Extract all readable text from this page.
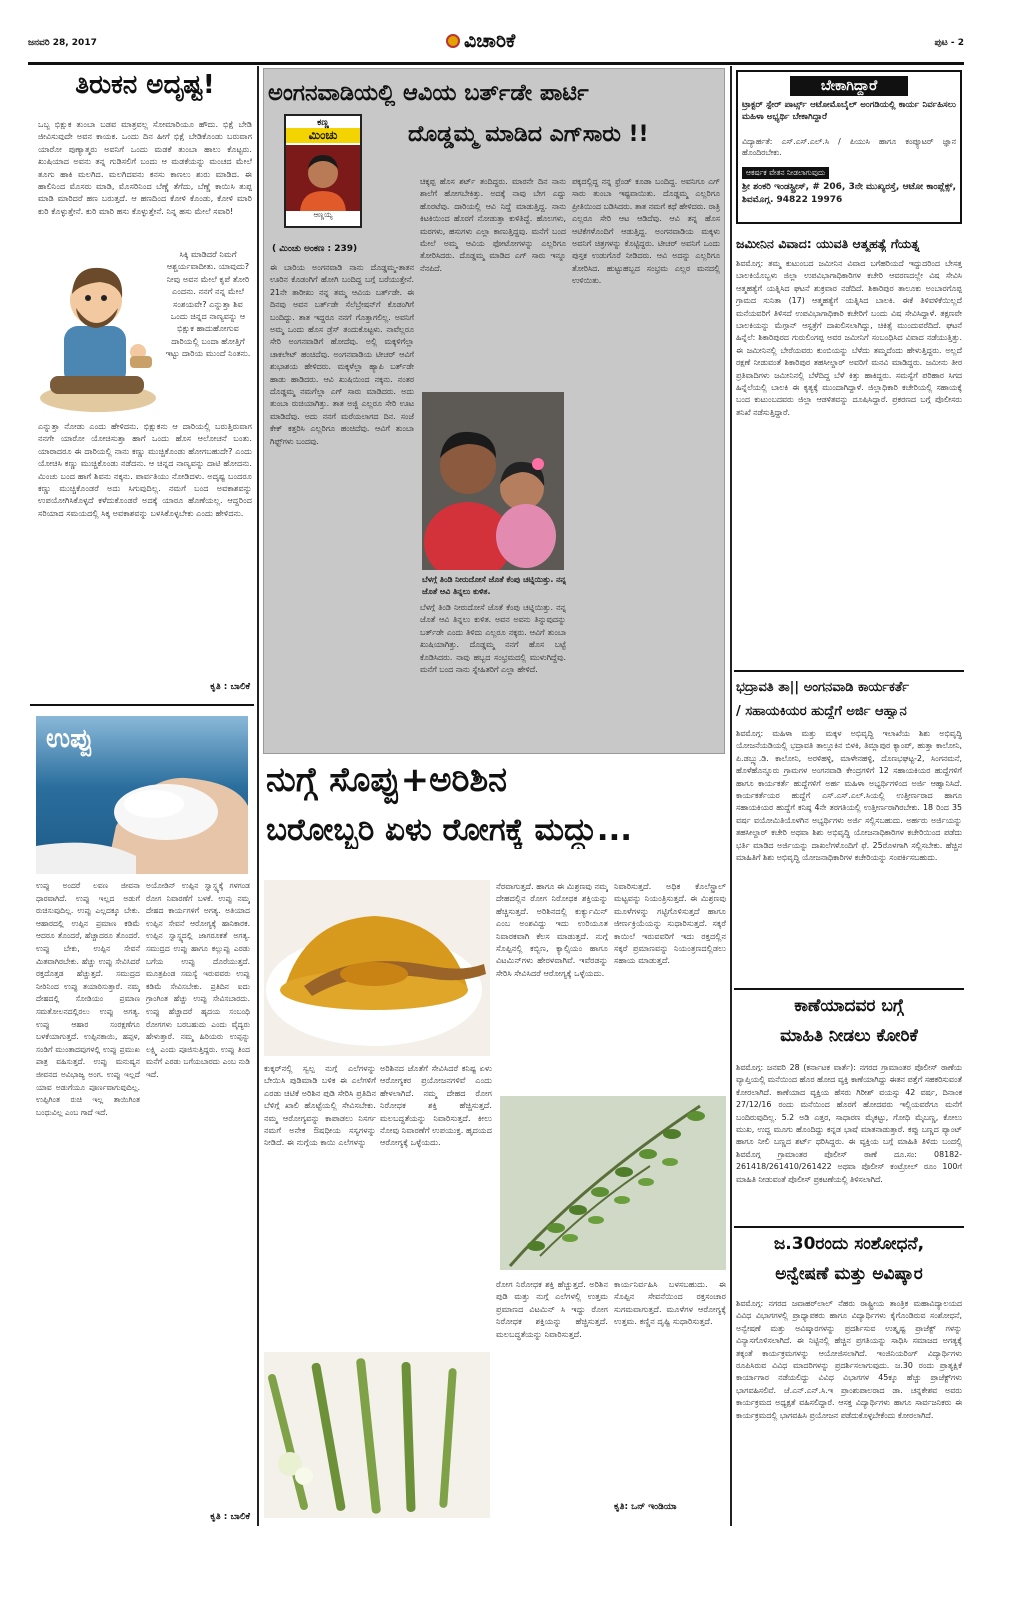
ಜನವರಿ 28, 2017	ವಿಚಾರಿಕೆ	ಪುಟ - 2
ತಿರುಕನ ಅದೃಷ್ಟ!
ಒಬ್ಬ ಭಿಕ್ಷುಕ ತುಂಬಾ ಬಡವ ಮಾತ್ರವಲ್ಲ ಸೋಮಾರಿಯೂ ಹೌದು. ಭಿಕ್ಷೆ ಬೇಡಿ ಜೀವಿಸುವುದೇ ಅವನ ಕಾಯಕ. ಒಂದು ದಿನ ಹೀಗೆ ಭಿಕ್ಷೆ ಬೇಡಿಕೊಂಡು ಬರುವಾಗ ಯಾರೋ ಪುಣ್ಯಾತ್ಮರು ಅವನಿಗೆ ಒಂದು ಮಡಕೆ ತುಂಬಾ ಹಾಲು ಕೊಟ್ಟರು. ಖುಷಿಯಾದ ಅವನು ತನ್ನ ಗುಡಿಸಲಿಗೆ ಬಂದು ಆ ಮಡಕೆಯನ್ನು ಮಂಚದ ಮೇಲೆ ತೂಗು ಹಾಕಿ ಮಲಗಿದ. ಮಲಗಿದವನು ಕನಸು ಕಾಣಲು ಶುರು ಮಾಡಿದ. ಈ ಹಾಲಿನಿಂದ ಮೊಸರು ಮಾಡಿ, ಮೊಸರಿನಿಂದ ಬೆಣ್ಣೆ ತೆಗೆದು, ಬೆಣ್ಣೆ ಕಾಯಿಸಿ ತುಪ್ಪ ಮಾಡಿ ಮಾರಿದರೆ ಹಣ ಬರುತ್ತದೆ. ಆ ಹಣದಿಂದ ಕೋಳಿ ಕೊಂಡು, ಕೋಳಿ ಮಾರಿ ಕುರಿ ಕೊಳ್ಳುತ್ತೇನೆ. ಕುರಿ ಮಾರಿ ಹಸು ಕೊಳ್ಳುತ್ತೇನೆ. ನಿನ್ನ ಹಸು ಮೇಲೆ ಸವಾರಿ!
ಸಿಕ್ಕಿ ಮಾಡಿದರೆ ನಿಮಗೆ ಆಶ್ಚರ್ಯವಾದೀತು. ಯಾವುದು? ನೀವು ಅವನ ಮೇಲೆ ಕೃಪೆ ತೋರಿ ಎಂದನು. ನನಗೆ ನನ್ನ ಮೇಲೆ ಸಂಶಯವೇ? ಎನ್ನುತ್ತಾ ಶಿವ ಒಂದು ಚಿನ್ನದ ನಾಣ್ಯವನ್ನು ಆ ಭಿಕ್ಷುಕ ಹಾದುಹೋಗುವ ದಾರಿಯಲ್ಲಿ ಬಂದಾ ಹೋತ್ತಿಗೆ ಇಟ್ಟು ದಾರಿಯ ಮುಂದೆ ನಿಂತನು.
ಎನ್ನುತ್ತಾ ನೋಡು ಎಂದು ಹೇಳಿದನು. ಭಿಕ್ಷುಕನು ಆ ದಾರಿಯಲ್ಲಿ ಬರುತ್ತಿರುವಾಗ ನನಗೇ ಯಾರೋ ಯೋಚಿಸುತ್ತಾ ಹಾಗೆ ಒಂದು ಹೊಸ ಆಲೋಚನೆ ಬಂತು. ಯಾರಾದರೂ ಈ ದಾರಿಯಲ್ಲಿ ನಾನು ಕಣ್ಣು ಮುಚ್ಚಿಕೊಂಡು ಹೋಗಬಹುದೇ? ಎಂದು ಯೋಚಿಸಿ ಕಣ್ಣು ಮುಚ್ಚಿಕೊಂಡು ನಡೆದನು. ಆ ಚಿನ್ನದ ನಾಣ್ಯವನ್ನು ದಾಟಿ ಹೋದನು. ಮಿಂಚು ಬಂದ ಹಾಗೆ ಶಿವನು ನಕ್ಕನು. ಪಾರ್ವತಿಯು ನೋಡಿದಳು. ಅದೃಷ್ಟ ಬಂದರೂ ಕಣ್ಣು ಮುಚ್ಚಿಕೊಂಡರೆ ಅದು ಸಿಗುವುದಿಲ್ಲ. ನಮಗೆ ಬಂದ ಅವಕಾಶವನ್ನು ಉಪಯೋಗಿಸಿಕೊಳ್ಳದೆ ಕಳೆದುಕೊಂಡರೆ ಅದಕ್ಕೆ ಯಾರೂ ಹೊಣೆಯಲ್ಲ. ಆದ್ದರಿಂದ ಸರಿಯಾದ ಸಮಯದಲ್ಲಿ ಸಿಕ್ಕ ಅವಕಾಶವನ್ನು ಬಳಸಿಕೊಳ್ಳಬೇಕು ಎಂದು ಹೇಳಿದನು.
ಕೃತಿ : ಬಾಲಿಕೆ
ಉಪ್ಪು
ಉಪ್ಪು ಅಂದರೆ ಲವಣ ಜೀವನಾ ಧಾರವಾಗಿದೆ. ಉಪ್ಪು ಇಲ್ಲದ ಅಡುಗೆ ರುಚಿಸುವುದಿಲ್ಲ. ಉಪ್ಪು ಎಲ್ಲದಕ್ಕೂ ಬೇಕು. ಆಹಾರದಲ್ಲಿ ಉಪ್ಪಿನ ಪ್ರಮಾಣ ಕಡಿಮೆ ಆದರೂ ತೊಂದರೆ, ಹೆಚ್ಚಾದರೂ ತೊಂದರೆ. ಉಪ್ಪು ಬೇಕು, ಉಪ್ಪಿನ ಸೇವನೆ ಮಿತವಾಗಿರಬೇಕು. ಹೆಚ್ಚು ಉಪ್ಪು ಸೇವಿಸಿದರೆ ರಕ್ತದೊತ್ತಡ ಹೆಚ್ಚುತ್ತದೆ. ಸಮುದ್ರದ ನೀರಿನಿಂದ ಉಪ್ಪು ತಯಾರಿಸುತ್ತಾರೆ. ನಮ್ಮ ದೇಹದಲ್ಲಿ ಸೋಡಿಯಂ ಪ್ರಮಾಣ ಸಮತೋಲನದಲ್ಲಿರಲು ಉಪ್ಪು ಅಗತ್ಯ. ಉಪ್ಪು ಆಹಾರ ಸಂರಕ್ಷಣೆಗೂ ಬಳಕೆಯಾಗುತ್ತದೆ. ಉಪ್ಪಿನಕಾಯಿ, ಹಪ್ಪಳ, ಸಂಡಿಗೆ ಮುಂತಾದವುಗಳಲ್ಲಿ ಉಪ್ಪು ಪ್ರಮುಖ ಪಾತ್ರ ವಹಿಸುತ್ತದೆ. ಉಪ್ಪು ಮನುಷ್ಯನ ಜೀವನದ ಅವಿಭಾಜ್ಯ ಅಂಗ. ಉಪ್ಪು ಇಲ್ಲದೆ ಯಾವ ಅಡುಗೆಯೂ ಪೂರ್ಣವಾಗುವುದಿಲ್ಲ. ಉಪ್ಪಿಗಿಂತ ರುಚಿ ಇಲ್ಲ ತಾಯಿಗಿಂತ ಬಂಧುವಿಲ್ಲ ಎಂಬ ಗಾದೆ ಇದೆ.
ಅಯೋಡಿನ್ ಉಪ್ಪಿನ ಸ್ವಾಸ್ಥ್ಯಕ್ಕೆ ಗಳಗಂಡ ರೋಗ ನಿವಾರಣೆಗೆ ಬಳಕೆ. ಉಪ್ಪು ನಮ್ಮ ದೇಹದ ಕಾರ್ಯಗಳಿಗೆ ಅಗತ್ಯ. ಅತಿಯಾದ ಉಪ್ಪಿನ ಸೇವನೆ ಆರೋಗ್ಯಕ್ಕೆ ಹಾನಿಕಾರಕ. ಉಪ್ಪಿನ ಸ್ವಾಸ್ಥ್ಯದಲ್ಲಿ ಜಾಗರೂಕತೆ ಅಗತ್ಯ. ಸಮುದ್ರದ ಉಪ್ಪು ಹಾಗೂ ಕಲ್ಲುಪ್ಪು ಎರಡು ಬಗೆಯ ಉಪ್ಪು ದೊರೆಯುತ್ತದೆ. ಮೂತ್ರಪಿಂಡ ಸಮಸ್ಯೆ ಇರುವವರು ಉಪ್ಪು ಕಡಿಮೆ ಸೇವಿಸಬೇಕು. ಪ್ರತಿದಿನ ಐದು ಗ್ರಾಂಗಿಂತ ಹೆಚ್ಚು ಉಪ್ಪು ಸೇವಿಸಬಾರದು. ಉಪ್ಪು ಹೆಚ್ಚಾದರೆ ಹೃದಯ ಸಂಬಂಧಿ ರೋಗಗಳು ಬರಬಹುದು ಎಂದು ವೈದ್ಯರು ಹೇಳುತ್ತಾರೆ. ನಮ್ಮ ಹಿರಿಯರು ಉಪ್ಪನ್ನು ಲಕ್ಷ್ಮಿ ಎಂದು ಪೂಜಿಸುತ್ತಿದ್ದರು. ಉಪ್ಪು ತಿಂದ ಮನೆಗೆ ಎರಡು ಬಗೆಯಬಾರದು ಎಂಬ ನುಡಿ ಇದೆ.
ಕೃತಿ : ಬಾಲಿಕೆ
ಅಂಗನವಾಡಿಯಲ್ಲಿ ಆವಿಯ ಬರ್ತ್‌ಡೇ ಪಾರ್ಟಿ
ಕಣ್ಣ
ಮಿಂಚು
ಆಣ್ಣಯ್ಯ
ದೊಡ್ಡಮ್ಮ ಮಾಡಿದ ಎಗ್‌ಸಾರು !!
( ಮಿಂಚು ಅಂಕಣ : 239)
ಈ ಬಾರಿಯ ಅಂಗನವಾಡಿ ನಾನು ದೊಡ್ಡಮ್ಮ-ತಾತನ ಊರಿನ ಕೊಡಂಗಿಗೆ ಹೋಗಿ ಬಂದಿದ್ದ ಬಗ್ಗೆ ಬರೆಯುತ್ತೇನೆ. 21ನೇ ತಾರೀಖು ನನ್ನ ತಮ್ಮ ಆವಿಯ ಬರ್ತ್‌ಡೇ. ಈ ದಿನವು ಅವನ ಬರ್ತ್‌ಡೇ ಸೆಲೆಬ್ರೇಷನ್‌ಗೆ ಕೊಡಂಗಿಗೆ ಬಂದಿದ್ದು. ತಾತ ಇದ್ದರೂ ನನಗೆ ಗೊತ್ತಾಗಲಿಲ್ಲ. ಅವನಿಗೆ ಅಮ್ಮ ಒಂದು ಹೊಸ ಡ್ರೆಸ್ ತಂದುಕೊಟ್ಟಳು. ನಾವೆಲ್ಲರೂ ಸೇರಿ ಅಂಗನವಾಡಿಗೆ ಹೋದೆವು. ಅಲ್ಲಿ ಮಕ್ಕಳಿಗೆಲ್ಲಾ ಚಾಕಲೇಟ್ ಹಂಚಿದೆವು. ಅಂಗನವಾಡಿಯ ಟೀಚರ್ ಆವಿಗೆ ಶುಭಾಶಯ ಹೇಳಿದರು. ಮಕ್ಕಳೆಲ್ಲಾ ಹ್ಯಾಪಿ ಬರ್ತ್‌ಡೇ ಹಾಡು ಹಾಡಿದರು. ಆವಿ ಖುಷಿಯಿಂದ ನಕ್ಕನು. ನಂತರ ದೊಡ್ಡಮ್ಮ ನಮಗೆಲ್ಲಾ ಎಗ್ ಸಾರು ಮಾಡಿದರು. ಅದು ತುಂಬಾ ರುಚಿಯಾಗಿತ್ತು. ತಾತ ಅಜ್ಜಿ ಎಲ್ಲರೂ ಸೇರಿ ಊಟ ಮಾಡಿದೆವು. ಅದು ನನಗೆ ಮರೆಯಲಾಗದ ದಿನ. ಸಂಜೆ ಕೇಕ್ ಕತ್ತರಿಸಿ ಎಲ್ಲರಿಗೂ ಹಂಚಿದೆವು. ಆವಿಗೆ ತುಂಬಾ ಗಿಫ್ಟ್‌ಗಳು ಬಂದವು.
ಚಿಕ್ಕಪ್ಪ ಹೊಸ ಶರ್ಟ್ ತಂದಿದ್ದರು. ಮಾರನೇ ದಿನ ನಾನು ಶಾಲೆಗೆ ಹೋಗಬೇಕಿತ್ತು. ಅದಕ್ಕೆ ನಾವು ಬೇಗ ಎದ್ದು ಹೊರಟೆವು. ದಾರಿಯಲ್ಲಿ ಆವಿ ನಿದ್ದೆ ಮಾಡುತ್ತಿದ್ದ. ನಾನು ಕಿಟಕಿಯಿಂದ ಹೊರಗೆ ನೋಡುತ್ತಾ ಕುಳಿತಿದ್ದೆ. ಹೊಲಗಳು, ಮರಗಳು, ಹಸುಗಳು ಎಲ್ಲಾ ಕಾಣುತ್ತಿದ್ದವು. ಮನೆಗೆ ಬಂದ ಮೇಲೆ ಅಮ್ಮ ಆವಿಯ ಫೋಟೋಗಳನ್ನು ಎಲ್ಲರಿಗೂ ತೋರಿಸಿದರು. ದೊಡ್ಡಮ್ಮ ಮಾಡಿದ ಎಗ್ ಸಾರು ಇನ್ನೂ ನೆನಪಿದೆ.
ಬೆಳಗ್ಗೆ ತಿಂಡಿ ನೀರುದೋಸೆ ಜೊತೆ ಕೆಂಪು ಚಟ್ನಿಯಿತ್ತು. ನನ್ನ ಜೊತೆ ಆವಿ ತಿನ್ನಲು ಕುಳಿತ.
ಬೆಳಗ್ಗೆ ತಿಂಡಿ ನೀರುದೋಸೆ ಜೊತೆ ಕೆಂಪು ಚಟ್ನಿಯಿತ್ತು. ನನ್ನ ಜೊತೆ ಆವಿ ತಿನ್ನಲು ಕುಳಿತ. ಅವನ ಅವನು ತಿನ್ನುವುದನ್ನು ಬರ್ತ್‌ಡೇ ಎಂದು ತಿಳಿದು ಎಲ್ಲರೂ ನಕ್ಕರು. ಆವಿಗೆ ತುಂಬಾ ಖುಷಿಯಾಗಿತ್ತು. ದೊಡ್ಡಮ್ಮ ನನಗೆ ಹೊಸ ಬಟ್ಟೆ ಕೊಡಿಸಿದರು. ನಾವು ಹಬ್ಬದ ಸಂಭ್ರಮದಲ್ಲಿ ಮುಳುಗಿದ್ದೆವು. ಮನೆಗೆ ಬಂದ ನಾನು ಸ್ನೇಹಿತರಿಗೆ ಎಲ್ಲಾ ಹೇಳಿದೆ.
ಪಕ್ಕದಲ್ಲಿದ್ದ ನನ್ನ ಫ್ರೆಂಡ್ ಕೂಡಾ ಬಂದಿದ್ದ. ಅವನಿಗೂ ಎಗ್ ಸಾರು ತುಂಬಾ ಇಷ್ಟವಾಯಿತು. ದೊಡ್ಡಮ್ಮ ಎಲ್ಲರಿಗೂ ಪ್ರೀತಿಯಿಂದ ಬಡಿಸಿದರು. ತಾತ ನಮಗೆ ಕಥೆ ಹೇಳಿದರು. ರಾತ್ರಿ ಎಲ್ಲರೂ ಸೇರಿ ಆಟ ಆಡಿದೆವು. ಆವಿ ತನ್ನ ಹೊಸ ಆಟಿಕೆಗಳೊಂದಿಗೆ ಆಡುತ್ತಿದ್ದ. ಅಂಗನವಾಡಿಯ ಮಕ್ಕಳು ಅವನಿಗೆ ಚಿತ್ರಗಳನ್ನು ಕೊಟ್ಟಿದ್ದರು. ಟೀಚರ್ ಅವನಿಗೆ ಒಂದು ಪುಸ್ತಕ ಉಡುಗೊರೆ ನೀಡಿದರು. ಆವಿ ಅದನ್ನು ಎಲ್ಲರಿಗೂ ತೋರಿಸಿದ. ಹುಟ್ಟುಹಬ್ಬದ ಸಂಭ್ರಮ ಎಲ್ಲರ ಮನದಲ್ಲಿ ಉಳಿಯಿತು.
ನುಗ್ಗೆ ಸೊಪ್ಪು+ಅರಿಶಿನ
ಬರೋಬ್ಬರಿ ಏಳು ರೋಗಕ್ಕೆ ಮದ್ದು...
ನೆರವಾಗುತ್ತದೆ. ಹಾಗೂ ಈ ಮಿಶ್ರಣವು ನಮ್ಮ ದೇಹದಲ್ಲಿನ ರೋಗ ನಿರೋಧಕ ಶಕ್ತಿಯನ್ನು ಹೆಚ್ಚಿಸುತ್ತದೆ. ಅರಿಶಿನದಲ್ಲಿ ಕುರ್ಕ್ಯುಮಿನ್ ಎಂಬ ಅಂಶವಿದ್ದು ಇದು ಉರಿಯೂತ ನಿವಾರಕವಾಗಿ ಕೆಲಸ ಮಾಡುತ್ತದೆ. ನುಗ್ಗೆ ಸೊಪ್ಪಿನಲ್ಲಿ ಕಬ್ಬಿಣ, ಕ್ಯಾಲ್ಸಿಯಂ ಹಾಗೂ ವಿಟಮಿನ್‌ಗಳು ಹೇರಳವಾಗಿವೆ. ಇವೆರಡನ್ನು ಸೇರಿಸಿ ಸೇವಿಸಿದರೆ ಆರೋಗ್ಯಕ್ಕೆ ಒಳ್ಳೆಯದು.
ನಿವಾರಿಸುತ್ತದೆ. ಅಧಿಕ ಕೊಲೆಸ್ಟ್ರಾಲ್ ಮಟ್ಟವನ್ನು ನಿಯಂತ್ರಿಸುತ್ತದೆ. ಈ ಮಿಶ್ರಣವು ಮೂಳೆಗಳನ್ನು ಗಟ್ಟಿಗೊಳಿಸುತ್ತದೆ ಹಾಗೂ ಜೀರ್ಣಕ್ರಿಯೆಯನ್ನು ಸುಧಾರಿಸುತ್ತದೆ. ಸಕ್ಕರೆ ಕಾಯಿಲೆ ಇರುವವರಿಗೆ ಇದು ರಕ್ತದಲ್ಲಿನ ಸಕ್ಕರೆ ಪ್ರಮಾಣವನ್ನು ನಿಯಂತ್ರಣದಲ್ಲಿಡಲು ಸಹಾಯ ಮಾಡುತ್ತದೆ.
ಕುಕ್ಕರ್‌ನಲ್ಲಿ ಸ್ವಲ್ಪ ನುಗ್ಗೆ ಎಲೆಗಳನ್ನು ಬೇಯಿಸಿ ಪುಡಿಮಾಡಿ ಬಳಿಕ ಈ ಎಲೆಗಳಿಗೆ ಎರಡು ಚಿಟಿಕೆ ಅರಿಶಿನ ಪುಡಿ ಸೇರಿಸಿ ಪ್ರತಿದಿನ ಬೆಳಿಗ್ಗೆ ಖಾಲಿ ಹೊಟ್ಟೆಯಲ್ಲಿ ಸೇವಿಸಬೇಕು. ನಮ್ಮ ಆರೋಗ್ಯವನ್ನು ಕಾಪಾಡಲು ನಿಸರ್ಗ ನಮಗೆ ಅನೇಕ ಔಷಧೀಯ ಸಸ್ಯಗಳನ್ನು ನೀಡಿದೆ. ಈ ನುಗ್ಗೆಯ ಕಾಯಿ ಎಲೆಗಳನ್ನು
ಅರಿಶಿನದ ಜೊತೆಗೆ ಸೇವಿಸಿದರೆ ಕನಿಷ್ಟ ಏಳು ಆರೋಗ್ಯಕರ ಪ್ರಯೋಜನಗಳಿವೆ ಎಂದು ಹೇಳಲಾಗಿದೆ. ನಮ್ಮ ದೇಹದ ರೋಗ ನಿರೋಧಕ ಶಕ್ತಿ ಹೆಚ್ಚಿಸುತ್ತದೆ. ಮಲಬದ್ಧತೆಯನ್ನು ನಿವಾರಿಸುತ್ತದೆ. ಕೀಲು ನೋವು ನಿವಾರಣೆಗೆ ಉಪಯುಕ್ತ. ಹೃದಯದ ಆರೋಗ್ಯಕ್ಕೆ ಒಳ್ಳೆಯದು.
ರೋಗ ನಿರೋಧಕ ಶಕ್ತಿ ಹೆಚ್ಚುತ್ತದೆ. ಅರಿಶಿನ ಪುಡಿ ಮತ್ತು ನುಗ್ಗೆ ಎಲೆಗಳಲ್ಲಿ ಉತ್ತಮ ಪ್ರಮಾಣದ ವಿಟಮಿನ್ ಸಿ ಇದ್ದು ರೋಗ ನಿರೋಧಕ ಶಕ್ತಿಯನ್ನು ಹೆಚ್ಚಿಸುತ್ತದೆ. ಮಲಬದ್ಧತೆಯನ್ನು ನಿವಾರಿಸುತ್ತದೆ.
ಕಾರ್ಯನಿರ್ವಹಿಸಿ ಬಳಸಬಹುದು. ಈ ಸೊಪ್ಪಿನ ಸೇವನೆಯಿಂದ ರಕ್ತಸಂಚಾರ ಸುಗಮವಾಗುತ್ತದೆ. ಮೂಳೆಗಳ ಆರೋಗ್ಯಕ್ಕೆ ಉತ್ತಮ. ಕಣ್ಣಿನ ದೃಷ್ಟಿ ಸುಧಾರಿಸುತ್ತದೆ.
ಕೃತಿ: ಒನ್ ಇಂಡಿಯಾ
ಬೇಕಾಗಿದ್ದಾರೆ
ಟ್ರಾಕ್ಟರ್ ಸ್ಪೇರ್ ಪಾರ್ಟ್ಸ್ ಆಟೋಮೊಬೈಲ್ ಅಂಗಡಿಯಲ್ಲಿ ಕಾರ್ಯ ನಿರ್ವಹಿಸಲು ಮಹಿಳಾ ಅಭ್ಯರ್ಥಿ ಬೇಕಾಗಿದ್ದಾರೆ
ವಿದ್ಯಾರ್ಹತೆ: ಎಸ್.ಎಸ್.ಎಲ್.ಸಿ / ಪಿಯುಸಿ ಹಾಗೂ ಕಂಪ್ಯೂಟರ್ ಜ್ಞಾನ ಹೊಂದಿರಬೇಕು.
ಆಕರ್ಷಕ ವೇತನ ನೀಡಲಾಗುವುದು
ಶ್ರೀ ಶಂಕರಿ ಇಂಡಸ್ಟ್ರೀಸ್, # 206, 3ನೇ ಮುಖ್ಯರಸ್ತೆ, ಆಟೋ ಕಾಂಪ್ಲೆಕ್ಸ್, ಶಿವಮೊಗ್ಗ. 94822 19976
ಜಮೀನಿನ ವಿವಾದ: ಯುವತಿ ಆತ್ಮಹತ್ಯೆ ಗೆಯತ್ನ
ಶಿವಮೊಗ್ಗ: ತಮ್ಮ ಕುಟುಂಬದ ಜಮೀನಿನ ವಿವಾದ ಬಗೆಹರಿಯದೆ ಇದ್ದುದರಿಂದ ಬೇಸತ್ತ ಬಾಲಕಿಯೊಬ್ಬಳು ಜಿಲ್ಲಾ ಉಪವಿಭಾಗಾಧಿಕಾರಿಗಳ ಕಚೇರಿ ಆವರಣದಲ್ಲೇ ವಿಷ ಸೇವಿಸಿ ಆತ್ಮಹತ್ಯೆಗೆ ಯತ್ನಿಸಿದ ಘಟನೆ ಶುಕ್ರವಾರ ನಡೆದಿದೆ. ಶಿಕಾರಿಪುರ ತಾಲೂಕು ಅಂಬಾರಗೊಪ್ಪ ಗ್ರಾಮದ ಸುನಿತಾ (17) ಆತ್ಮಹತ್ಯೆಗೆ ಯತ್ನಿಸಿದ ಬಾಲಕಿ. ಈಕೆ ತಿಳಿವಳಿಕೆಯಿಲ್ಲದೆ ಮನೆಯವರಿಗೆ ತಿಳಿಸದೆ ಉಪವಿಭಾಗಾಧಿಕಾರಿ ಕಚೇರಿಗೆ ಬಂದು ವಿಷ ಸೇವಿಸಿದ್ದಾಳೆ. ತಕ್ಷಣವೇ ಬಾಲಕಿಯನ್ನು ಮೆಗ್ಗಾನ್ ಆಸ್ಪತ್ರೆಗೆ ದಾಖಲಿಸಲಾಗಿದ್ದು, ಚಿಕಿತ್ಸೆ ಮುಂದುವರೆದಿದೆ. ಘಟನೆ ಹಿನ್ನೆಲೆ: ಶಿಕಾರಿಪುರದ ಗುರುಲಿಂಗಪ್ಪ ಅವರ ಜಮೀನಿಗೆ ಸಂಬಂಧಿಸಿದ ವಿವಾದ ನಡೆಯುತ್ತಿತ್ತು. ಈ ಜಮೀನಿನಲ್ಲಿ ಬೇರೆಯವರು ಕುಂಬಿಯನ್ನು ಬೆಳೆದು ತಮ್ಮದೆಂದು ಹೇಳುತ್ತಿದ್ದರು. ಅಲ್ಲದೆ ರಕ್ಷಣೆ ನೀಡುವಂತೆ ಶಿಕಾರಿಪುರ ತಹಸೀಲ್ದಾರ್ ಅವರಿಗೆ ಮನವಿ ಮಾಡಿದ್ದರು. ಜಮೀನು ತೀರ ಪ್ರತಿವಾದಿಗಳು ಜಮೀನಿನಲ್ಲಿ ಬೆಳೆದಿದ್ದ ಬೆಳೆ ಕಿತ್ತು ಹಾಕಿದ್ದರು. ಸಮಸ್ಯೆಗೆ ಪರಿಹಾರ ಸಿಗದ ಹಿನ್ನೆಲೆಯಲ್ಲಿ ಬಾಲಕಿ ಈ ಕೃತ್ಯಕ್ಕೆ ಮುಂದಾಗಿದ್ದಾಳೆ. ಜಿಲ್ಲಾಧಿಕಾರಿ ಕಚೇರಿಯಲ್ಲಿ ಸಹಾಯಕ್ಕೆ ಬಂದ ಕುಟುಂಬದವರು ಜಿಲ್ಲಾ ಆಡಳಿತವನ್ನು ದೂಷಿಸಿದ್ದಾರೆ. ಪ್ರಕರಣದ ಬಗ್ಗೆ ಪೊಲೀಸರು ತನಿಖೆ ನಡೆಸುತ್ತಿದ್ದಾರೆ.
ಭದ್ರಾವತಿ ತಾ|| ಅಂಗನವಾಡಿ ಕಾರ್ಯಕರ್ತೆ
/ ಸಹಾಯಕಿಯರ ಹುದ್ದೆಗೆ ಅರ್ಜಿ ಆಹ್ವಾನ
ಶಿವಮೊಗ್ಗ: ಮಹಿಳಾ ಮತ್ತು ಮಕ್ಕಳ ಅಭಿವೃದ್ಧಿ ಇಲಾಖೆಯ ಶಿಶು ಅಭಿವೃದ್ಧಿ ಯೋಜನೆಯಡಿಯಲ್ಲಿ ಭದ್ರಾವತಿ ತಾಲ್ಲೂಕಿನ ಬಿಳಕಿ, ತಿಮ್ಲಾಪುರ ಕ್ಯಾಂಪ್, ಹುತ್ತಾ ಕಾಲೋನಿ, ಪಿ.ಡಬ್ಲ್ಯು.ಡಿ. ಕಾಲೋನಿ, ಅರಳಿಹಳ್ಳಿ, ಮಾಳೇನಹಳ್ಳಿ, ದೊಣಭಘಟ್ಟ-2, ಸಿಂಗನಮನೆ, ಹೊಳೆಹೊನ್ನೂರು ಗ್ರಾಮಗಳ ಅಂಗನವಾಡಿ ಕೇಂದ್ರಗಳಿಗೆ 12 ಸಹಾಯಕಿಯರ ಹುದ್ದೆಗಳಿಗೆ ಹಾಗೂ ಕಾರ್ಯಕರ್ತೆ ಹುದ್ದೆಗಳಿಗೆ ಅರ್ಹ ಮಹಿಳಾ ಅಭ್ಯರ್ಥಿಗಳಿಂದ ಅರ್ಜಿ ಆಹ್ವಾನಿಸಿದೆ. ಕಾರ್ಯಕರ್ತೆಯರ ಹುದ್ದೆಗೆ ಎಸ್.ಎಸ್.ಎಲ್.ಸಿಯಲ್ಲಿ ಉತ್ತೀರ್ಣರಾದ ಹಾಗೂ ಸಹಾಯಕಿಯರ ಹುದ್ದೆಗೆ ಕನಿಷ್ಠ 4ನೇ ತರಗತಿಯಲ್ಲಿ ಉತ್ತೀರ್ಣರಾಗಿರಬೇಕು. 18 ರಿಂದ 35 ವರ್ಷ ವಯೋಮಿತಿಯೊಳಗಿನ ಅಭ್ಯರ್ಥಿಗಳು ಅರ್ಜಿ ಸಲ್ಲಿಸಬಹುದು. ಅರ್ಹರು ಅರ್ಜಿಯನ್ನು ತಹಸೀಲ್ದಾರ್ ಕಚೇರಿ ಅಥವಾ ಶಿಶು ಅಭಿವೃದ್ಧಿ ಯೋಜನಾಧಿಕಾರಿಗಳ ಕಚೇರಿಯಿಂದ ಪಡೆದು ಭರ್ತಿ ಮಾಡಿದ ಅರ್ಜಿಯನ್ನು ದಾಖಲೆಗಳೊಂದಿಗೆ ಫೆ. 25ರೊಳಗಾಗಿ ಸಲ್ಲಿಸಬೇಕು. ಹೆಚ್ಚಿನ ಮಾಹಿತಿಗೆ ಶಿಶು ಅಭಿವೃದ್ಧಿ ಯೋಜನಾಧಿಕಾರಿಗಳ ಕಚೇರಿಯನ್ನು ಸಂಪರ್ಕಿಸಬಹುದು.
ಕಾಣೆಯಾದವರ ಬಗ್ಗೆ
ಮಾಹಿತಿ ನೀಡಲು ಕೋರಿಕೆ
ಶಿವಮೊಗ್ಗ: ಜನವರಿ 28 (ಕರ್ನಾಟಕ ವಾರ್ತೆ): ನಗರದ ಗ್ರಾಮಾಂತರ ಪೊಲೀಸ್ ಠಾಣೆಯ ವ್ಯಾಪ್ತಿಯಲ್ಲಿ ಮನೆಯಿಂದ ಹೊರ ಹೋದ ವ್ಯಕ್ತಿ ಕಾಣೆಯಾಗಿದ್ದು ಈತನ ಪತ್ತೆಗೆ ಸಹಕರಿಸುವಂತೆ ಕೋರಲಾಗಿದೆ. ಕಾಣೆಯಾದ ವ್ಯಕ್ತಿಯ ಹೆಸರು ಗಿರೀಶ್ ವಯಸ್ಸು 42 ವರ್ಷ, ದಿನಾಂಕ 27/12/16 ರಂದು ಮನೆಯಿಂದ ಹೊರಗೆ ಹೋದವರು ಇಲ್ಲಿಯವರೆಗೂ ಮನೆಗೆ ಬಂದಿರುವುದಿಲ್ಲ. 5.2 ಅಡಿ ಎತ್ತರ, ಸಾಧಾರಣ ಮೈಕಟ್ಟು, ಗೋಧಿ ಮೈಬಣ್ಣ, ಕೋಲು ಮುಖ, ಉದ್ದ ಮೂಗು ಹೊಂದಿದ್ದು ಕನ್ನಡ ಭಾಷೆ ಮಾತನಾಡುತ್ತಾರೆ. ಕಪ್ಪು ಬಣ್ಣದ ಪ್ಯಾಂಟ್ ಹಾಗೂ ನೀಲಿ ಬಣ್ಣದ ಶರ್ಟ್ ಧರಿಸಿದ್ದರು. ಈ ವ್ಯಕ್ತಿಯ ಬಗ್ಗೆ ಮಾಹಿತಿ ತಿಳಿದು ಬಂದಲ್ಲಿ ಶಿವಮೊಗ್ಗ ಗ್ರಾಮಾಂತರ ಪೊಲೀಸ್ ಠಾಣೆ ದೂ.ಸಂ: 08182-261418/261410/261422 ಅಥವಾ ಪೊಲೀಸ್ ಕಂಟ್ರೋಲ್ ರೂಂ 100ಗೆ ಮಾಹಿತಿ ನೀಡುವಂತೆ ಪೊಲೀಸ್ ಪ್ರಕಟಣೆಯಲ್ಲಿ ತಿಳಿಸಲಾಗಿದೆ.
ಜ.30ರಂದು ಸಂಶೋಧನೆ,
ಅನ್ವೇಷಣೆ ಮತ್ತು ಅವಿಷ್ಕಾರ
ಶಿವಮೊಗ್ಗ: ನಗರದ ಜವಾಹರ್‌ಲಾಲ್ ನೆಹರು ರಾಷ್ಟ್ರೀಯ ತಾಂತ್ರಿಕ ಮಹಾವಿದ್ಯಾಲಯದ ವಿವಿಧ ವಿಭಾಗಗಳಲ್ಲಿ ಪ್ರಾಧ್ಯಾಪಕರು ಹಾಗೂ ವಿದ್ಯಾರ್ಥಿಗಳು ಕೈಗೊಂಡಿರುವ ಸಂಶೋಧನೆ, ಅನ್ವೇಷಣೆ ಮತ್ತು ಅವಿಷ್ಕಾರಗಳನ್ನು ಪ್ರದರ್ಶಿಸುವ ಉತ್ಕೃಷ್ಟ ಪ್ರಾಜೆಕ್ಟ್ ಗಳನ್ನು ವಿನ್ಯಾಸಗೊಳಿಸಲಾಗಿದೆ. ಈ ನಿಟ್ಟಿನಲ್ಲಿ ಹೆಚ್ಚಿನ ಪ್ರಗತಿಯನ್ನು ಸಾಧಿಸಿ ಸಮಾಜದ ಅಗತ್ಯಕ್ಕೆ ತಕ್ಕಂತೆ ಕಾರ್ಯಕ್ರಮಗಳನ್ನು ಆಯೋಜಿಸಲಾಗಿದೆ. ಇಂಜಿನಿಯರಿಂಗ್ ವಿದ್ಯಾರ್ಥಿಗಳು ರೂಪಿಸಿರುವ ವಿವಿಧ ಮಾದರಿಗಳನ್ನು ಪ್ರದರ್ಶಿಸಲಾಗುವುದು. ಜ.30 ರಂದು ಪ್ರಾತ್ಯಕ್ಷಿಕೆ ಕಾರ್ಯಾಗಾರ ನಡೆಯಲಿದ್ದು ವಿವಿಧ ವಿಭಾಗಗಳ 45ಕ್ಕೂ ಹೆಚ್ಚು ಪ್ರಾಜೆಕ್ಟ್‌ಗಳು ಭಾಗವಹಿಸಲಿವೆ. ಜೆ.ಎನ್.ಎನ್.ಸಿ.ಇ ಪ್ರಾಂಶುಪಾಲರಾದ ಡಾ. ಚನ್ನಕೇಶವ ಅವರು ಕಾರ್ಯಕ್ರಮದ ಅಧ್ಯಕ್ಷತೆ ವಹಿಸಲಿದ್ದಾರೆ. ಆಸಕ್ತ ವಿದ್ಯಾರ್ಥಿಗಳು ಹಾಗೂ ಸಾರ್ವಜನಿಕರು ಈ ಕಾರ್ಯಕ್ರಮದಲ್ಲಿ ಭಾಗವಹಿಸಿ ಪ್ರಯೋಜನ ಪಡೆದುಕೊಳ್ಳಬೇಕೆಂದು ಕೋರಲಾಗಿದೆ.
